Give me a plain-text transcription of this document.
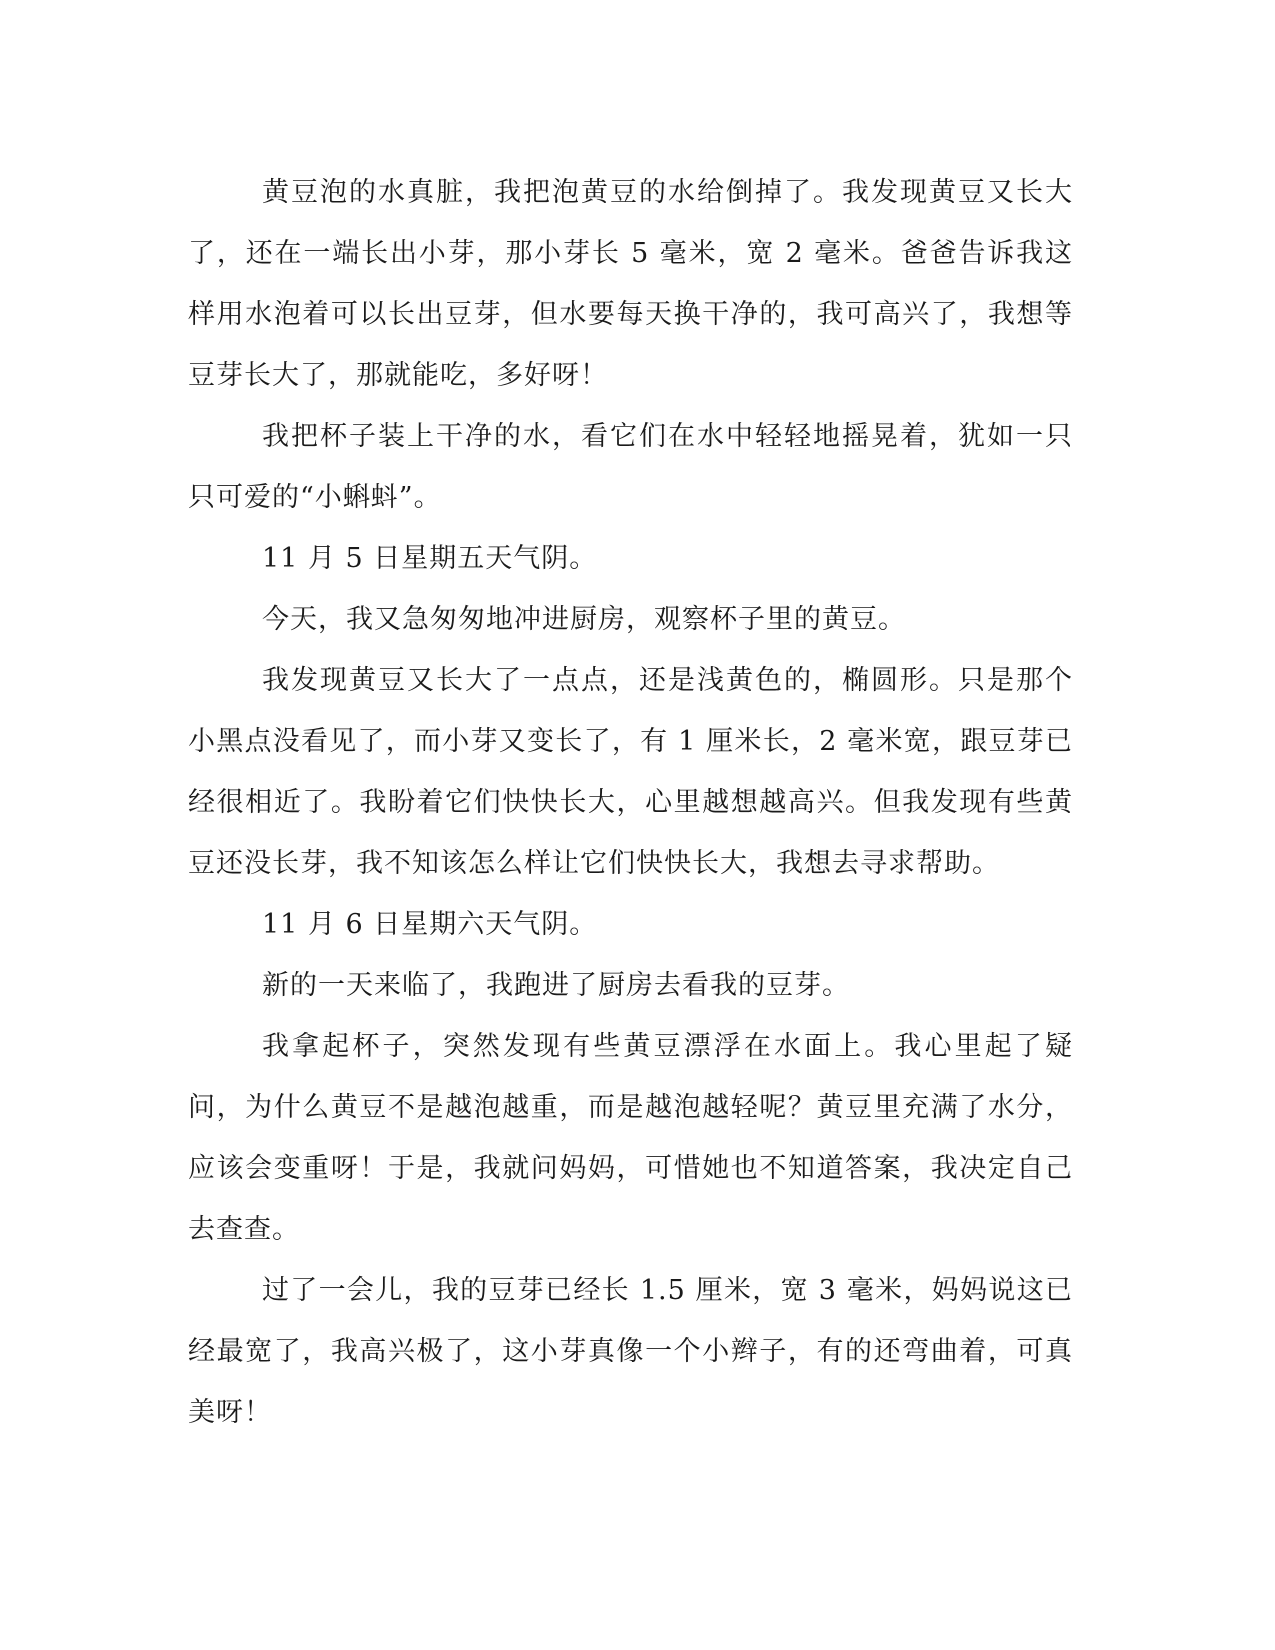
黄豆泡的水真脏，我把泡黄豆的水给倒掉了。我发现黄豆又长大了，还在一端长出小芽，那小芽长 5 毫米，宽 2 毫米。爸爸告诉我这样用水泡着可以长出豆芽，但水要每天换干净的，我可高兴了，我想等豆芽长大了，那就能吃，多好呀！

我把杯子装上干净的水，看它们在水中轻轻地摇晃着，犹如一只只可爱的“小蝌蚪”。

11 月 5 日星期五天气阴。

今天，我又急匆匆地冲进厨房，观察杯子里的黄豆。

我发现黄豆又长大了一点点，还是浅黄色的，椭圆形。只是那个小黑点没看见了，而小芽又变长了，有 1 厘米长，2 毫米宽，跟豆芽已经很相近了。我盼着它们快快长大，心里越想越高兴。但我发现有些黄豆还没长芽，我不知该怎么样让它们快快长大，我想去寻求帮助。

11 月 6 日星期六天气阴。

新的一天来临了，我跑进了厨房去看我的豆芽。

我拿起杯子，突然发现有些黄豆漂浮在水面上。我心里起了疑问，为什么黄豆不是越泡越重，而是越泡越轻呢？黄豆里充满了水分，应该会变重呀！于是，我就问妈妈，可惜她也不知道答案，我决定自己去查查。

过了一会儿，我的豆芽已经长 1.5 厘米，宽 3 毫米，妈妈说这已经最宽了，我高兴极了，这小芽真像一个小辫子，有的还弯曲着，可真美呀！
